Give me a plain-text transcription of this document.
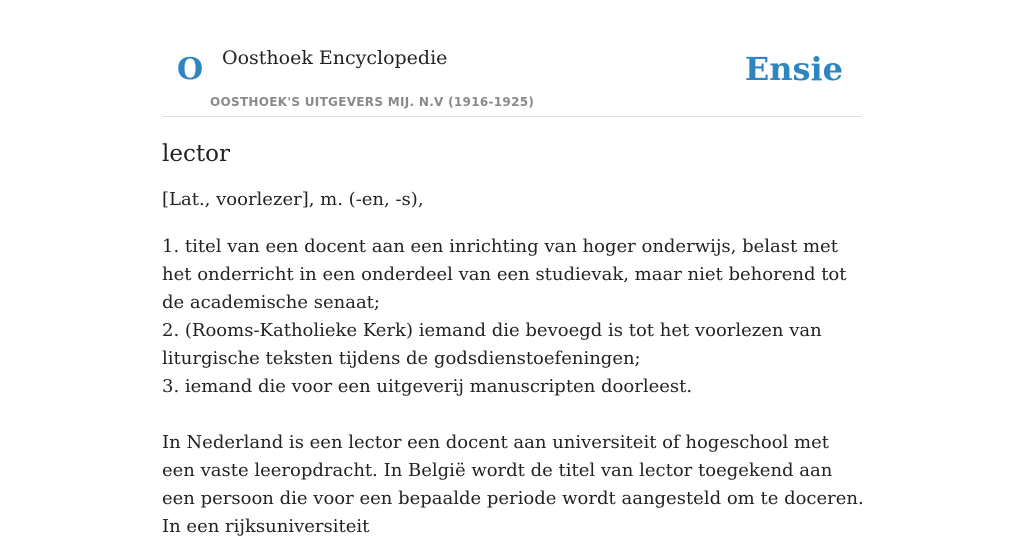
O Oosthoek Encyclopedie
OOSTHOEK'S UITGEVERS MIJ. N.V (1916-1925)
Ensie
lector

[Lat., voorlezer], m. (-en, -s),

1. titel van een docent aan een inrichting van hoger onderwijs, belast met het onderricht in een onderdeel van een studievak, maar niet behorend tot de academische senaat;
2. (Rooms-Katholieke Kerk) iemand die bevoegd is tot het voorlezen van liturgische teksten tijdens de godsdienstoefeningen;
3. iemand die voor een uitgeverij manuscripten doorleest.

In Nederland is een lector een docent aan universiteit of hogeschool met een vaste leeropdracht. In België wordt de titel van lector toegekend aan een persoon die voor een bepaalde periode wordt aangesteld om te doceren. In een rijksuniversiteit
